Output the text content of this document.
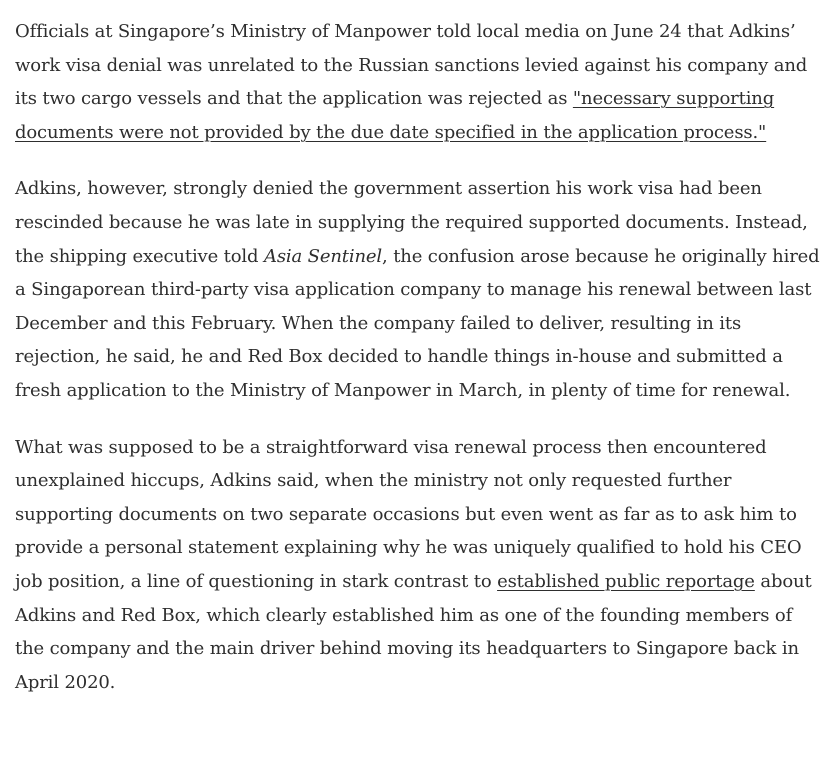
Officials at Singapore’s Ministry of Manpower told local media on June 24 that Adkins’ work visa denial was unrelated to the Russian sanctions levied against his company and its two cargo vessels and that the application was rejected as "necessary supporting documents were not provided by the due date specified in the application process."

Adkins, however, strongly denied the government assertion his work visa had been rescinded because he was late in supplying the required supported documents. Instead, the shipping executive told Asia Sentinel, the confusion arose because he originally hired a Singaporean third-party visa application company to manage his renewal between last December and this February. When the company failed to deliver, resulting in its rejection, he said, he and Red Box decided to handle things in-house and submitted a fresh application to the Ministry of Manpower in March, in plenty of time for renewal.

What was supposed to be a straightforward visa renewal process then encountered unexplained hiccups, Adkins said, when the ministry not only requested further supporting documents on two separate occasions but even went as far as to ask him to provide a personal statement explaining why he was uniquely qualified to hold his CEO job position, a line of questioning in stark contrast to established public reportage about Adkins and Red Box, which clearly established him as one of the founding members of the company and the main driver behind moving its headquarters to Singapore back in April 2020.
